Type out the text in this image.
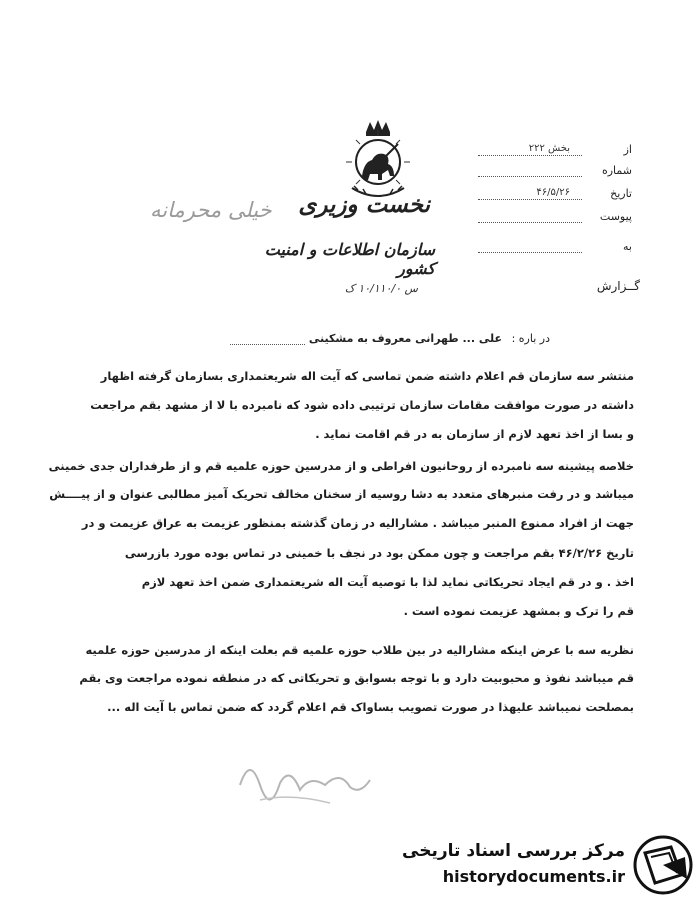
خیلی محرمانه	نخست وزیری
سازمان اطلاعات و امنیت کشور
س ۱۰/۱۱۰/۰ ک
از
بخش ۲۲۲
شماره
تاریخ
۴۶/۵/۲۶
پیوست
به
گــزارش
در باره :
علی ... طهرانی معروف به مشکینی
منتشر سه سازمان قم اعلام داشته ضمن تماسی که آیت اله شریعتمداری بسازمان گرفته اظهار
داشته در صورت موافقت مقامات سازمان ترتیبی داده شود که نامبرده با لا از مشهد بقم مراجعت
و بسا از اخذ تعهد لازم از سازمان به در قم اقامت نماید .
خلاصه پیشینه سه نامبرده از روحانیون افراطی و از مدرسین حوزه علمیه قم و از طرفداران جدی خمینی
میباشد و در رفت منبرهای متعدد به دشا روسیه از سخنان مخالف تحریک آمیز مطالبی عنوان و از پیــــش
جهت از افراد ممنوع المنبر میباشد . مشارالیه در زمان گذشته بمنظور عزیمت به عراق عزیمت و در
تاریخ ۴۶/۲/۲۶ بقم مراجعت و چون ممکن بود در نجف با خمینی در تماس بوده مورد بازرسی
اخذ . و در قم ایجاد تحریکاتی نماید لذا با توصیه آیت اله شریعتمداری ضمن اخذ تعهد لازم
قم را ترک و بمشهد عزیمت نموده است .
نظریه سه با عرض اینکه مشارالیه در بین طلاب حوزه علمیه قم بعلت اینکه از مدرسین حوزه علمیه
قم میباشد نفوذ و محبوبیت دارد و با توجه بسوابق و تحریکاتی که در منطقه نموده مراجعت وی بقم
بمصلحت نمیباشد علیهذا در صورت تصویب بساواک قم اعلام گردد که ضمن تماس با آیت اله ...
مرکز بررسی اسناد تاریخی
historydocuments.ir
